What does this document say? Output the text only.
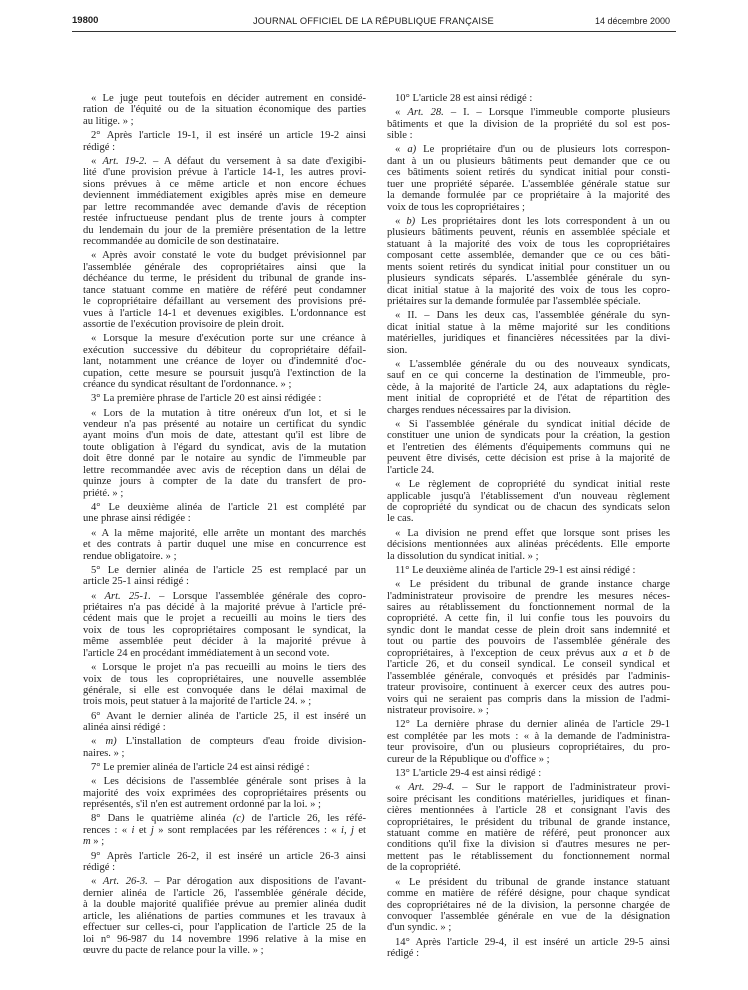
19800	JOURNAL OFFICIEL DE LA RÉPUBLIQUE FRANÇAISE	14 décembre 2000
« Le juge peut toutefois en décider autrement en considé-
ration de l'équité ou de la situation économique des parties
au litige. » ;
2° Après l'article 19-1, il est inséré un article 19-2 ainsi
rédigé :
« Art. 19-2. – A défaut du versement à sa date d'exigibi-
lité d'une provision prévue à l'article 14-1, les autres provi-
sions prévues à ce même article et non encore échues
deviennent immédiatement exigibles après mise en demeure
par lettre recommandée avec demande d'avis de réception
restée infructueuse pendant plus de trente jours à compter
du lendemain du jour de la première présentation de la lettre
recommandée au domicile de son destinataire.
« Après avoir constaté le vote du budget prévisionnel par
l'assemblée générale des copropriétaires ainsi que la
déchéance du terme, le président du tribunal de grande ins-
tance statuant comme en matière de référé peut condamner
le copropriétaire défaillant au versement des provisions pré-
vues à l'article 14-1 et devenues exigibles. L'ordonnance est
assortie de l'exécution provisoire de plein droit.
« Lorsque la mesure d'exécution porte sur une créance à
exécution successive du débiteur du copropriétaire défail-
lant, notamment une créance de loyer ou d'indemnité d'oc-
cupation, cette mesure se poursuit jusqu'à l'extinction de la
créance du syndicat résultant de l'ordonnance. » ;
3° La première phrase de l'article 20 est ainsi rédigée :
« Lors de la mutation à titre onéreux d'un lot, et si le
vendeur n'a pas présenté au notaire un certificat du syndic
ayant moins d'un mois de date, attestant qu'il est libre de
toute obligation à l'égard du syndicat, avis de la mutation
doit être donné par le notaire au syndic de l'immeuble par
lettre recommandée avec avis de réception dans un délai de
quinze jours à compter de la date du transfert de pro-
priété. » ;
4° Le deuxième alinéa de l'article 21 est complété par
une phrase ainsi rédigée :
« A la même majorité, elle arrête un montant des marchés
et des contrats à partir duquel une mise en concurrence est
rendue obligatoire. » ;
5° Le dernier alinéa de l'article 25 est remplacé par un
article 25-1 ainsi rédigé :
« Art. 25-1. – Lorsque l'assemblée générale des copro-
priétaires n'a pas décidé à la majorité prévue à l'article pré-
cédent mais que le projet a recueilli au moins le tiers des
voix de tous les copropriétaires composant le syndicat, la
même assemblée peut décider à la majorité prévue à
l'article 24 en procédant immédiatement à un second vote.
« Lorsque le projet n'a pas recueilli au moins le tiers des
voix de tous les copropriétaires, une nouvelle assemblée
générale, si elle est convoquée dans le délai maximal de
trois mois, peut statuer à la majorité de l'article 24. » ;
6° Avant le dernier alinéa de l'article 25, il est inséré un
alinéa ainsi rédigé :
« m) L'installation de compteurs d'eau froide division-
naires. » ;
7° Le premier alinéa de l'article 24 est ainsi rédigé :
« Les décisions de l'assemblée générale sont prises à la
majorité des voix exprimées des copropriétaires présents ou
représentés, s'il n'en est autrement ordonné par la loi. » ;
8° Dans le quatrième alinéa (c) de l'article 26, les réfé-
rences : « i et j » sont remplacées par les références : « i, j et
m » ;
9° Après l'article 26-2, il est inséré un article 26-3 ainsi
rédigé :
« Art. 26-3. – Par dérogation aux dispositions de l'avant-
dernier alinéa de l'article 26, l'assemblée générale décide,
à la double majorité qualifiée prévue au premier alinéa dudit
article, les aliénations de parties communes et les travaux à
effectuer sur celles-ci, pour l'application de l'article 25 de la
loi n° 96-987 du 14 novembre 1996 relative à la mise en
œuvre du pacte de relance pour la ville. » ;
10° L'article 28 est ainsi rédigé :
« Art. 28. – I. – Lorsque l'immeuble comporte plusieurs
bâtiments et que la division de la propriété du sol est pos-
sible :
« a) Le propriétaire d'un ou de plusieurs lots correspon-
dant à un ou plusieurs bâtiments peut demander que ce ou
ces bâtiments soient retirés du syndicat initial pour consti-
tuer une propriété séparée. L'assemblée générale statue sur
la demande formulée par ce propriétaire à la majorité des
voix de tous les copropriétaires ;
« b) Les propriétaires dont les lots correspondent à un ou
plusieurs bâtiments peuvent, réunis en assemblée spéciale et
statuant à la majorité des voix de tous les copropriétaires
composant cette assemblée, demander que ce ou ces bâti-
ments soient retirés du syndicat initial pour constituer un ou
plusieurs syndicats séparés. L'assemblée générale du syn-
dicat initial statue à la majorité des voix de tous les copro-
priétaires sur la demande formulée par l'assemblée spéciale.
« II. – Dans les deux cas, l'assemblée générale du syn-
dicat initial statue à la même majorité sur les conditions
matérielles, juridiques et financières nécessitées par la divi-
sion.
« L'assemblée générale du ou des nouveaux syndicats,
sauf en ce qui concerne la destination de l'immeuble, pro-
cède, à la majorité de l'article 24, aux adaptations du règle-
ment initial de copropriété et de l'état de répartition des
charges rendues nécessaires par la division.
« Si l'assemblée générale du syndicat initial décide de
constituer une union de syndicats pour la création, la gestion
et l'entretien des éléments d'équipements communs qui ne
peuvent être divisés, cette décision est prise à la majorité de
l'article 24.
« Le règlement de copropriété du syndicat initial reste
applicable jusqu'à l'établissement d'un nouveau règlement
de copropriété du syndicat ou de chacun des syndicats selon
le cas.
« La division ne prend effet que lorsque sont prises les
décisions mentionnées aux alinéas précédents. Elle emporte
la dissolution du syndicat initial. » ;
11° Le deuxième alinéa de l'article 29-1 est ainsi rédigé :
« Le président du tribunal de grande instance charge
l'administrateur provisoire de prendre les mesures néces-
saires au rétablissement du fonctionnement normal de la
copropriété. A cette fin, il lui confie tous les pouvoirs du
syndic dont le mandat cesse de plein droit sans indemnité et
tout ou partie des pouvoirs de l'assemblée générale des
copropriétaires, à l'exception de ceux prévus aux a et b de
l'article 26, et du conseil syndical. Le conseil syndical et
l'assemblée générale, convoqués et présidés par l'adminis-
trateur provisoire, continuent à exercer ceux des autres pou-
voirs qui ne seraient pas compris dans la mission de l'admi-
nistrateur provisoire. » ;
12° La dernière phrase du dernier alinéa de l'article 29-1
est complétée par les mots : « à la demande de l'administra-
teur provisoire, d'un ou plusieurs copropriétaires, du pro-
cureur de la République ou d'office » ;
13° L'article 29-4 est ainsi rédigé :
« Art. 29-4. – Sur le rapport de l'administrateur provi-
soire précisant les conditions matérielles, juridiques et finan-
cières mentionnées à l'article 28 et consignant l'avis des
copropriétaires, le président du tribunal de grande instance,
statuant comme en matière de référé, peut prononcer aux
conditions qu'il fixe la division si d'autres mesures ne per-
mettent pas le rétablissement du fonctionnement normal
de la copropriété.
« Le président du tribunal de grande instance statuant
comme en matière de référé désigne, pour chaque syndicat
des copropriétaires né de la division, la personne chargée de
convoquer l'assemblée générale en vue de la désignation
d'un syndic. » ;
14° Après l'article 29-4, il est inséré un article 29-5 ainsi
rédigé :
